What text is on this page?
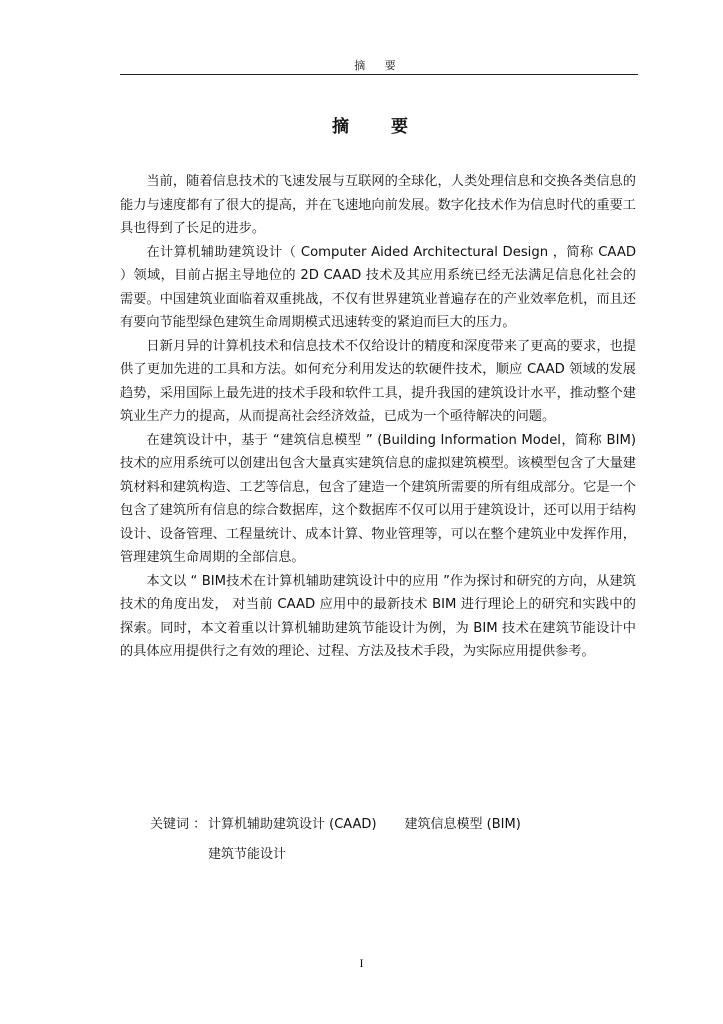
摘 要
摘 要

当前，随着信息技术的飞速发展与互联网的全球化，人类处理信息和交换各类信息的能力与速度都有了很大的提高，并在飞速地向前发展。数字化技术作为信息时代的重要工具也得到了长足的进步。

在计算机辅助建筑设计（ Computer Aided Architectural Design ，简称 CAAD ）领域，目前占据主导地位的 2D CAAD 技术及其应用系统已经无法满足信息化社会的需要。中国建筑业面临着双重挑战，不仅有世界建筑业普遍存在的产业效率危机，而且还有要向节能型绿色建筑生命周期模式迅速转变的紧迫而巨大的压力。

日新月异的计算机技术和信息技术不仅给设计的精度和深度带来了更高的要求，也提供了更加先进的工具和方法。如何充分利用发达的软硬件技术，顺应 CAAD 领域的发展趋势，采用国际上最先进的技术手段和软件工具，提升我国的建筑设计水平，推动整个建筑业生产力的提高，从而提高社会经济效益，已成为一个亟待解决的问题。

在建筑设计中，基于 “建筑信息模型 ” (Building Information Model，简称 BIM)技术的应用系统可以创建出包含大量真实建筑信息的虚拟建筑模型。该模型包含了大量建筑材料和建筑构造、工艺等信息，包含了建造一个建筑所需要的所有组成部分。它是一个包含了建筑所有信息的综合数据库，这个数据库不仅可以用于建筑设计，还可以用于结构设计、设备管理、工程量统计、成本计算、物业管理等，可以在整个建筑业中发挥作用，管理建筑生命周期的全部信息。

本文以 “ BIM技术在计算机辅助建筑设计中的应用 ”作为探讨和研究的方向，从建筑技术的角度出发， 对当前 CAAD 应用中的最新技术 BIM 进行理论上的研究和实践中的探索。同时，本文着重以计算机辅助建筑节能设计为例，为 BIM 技术在建筑节能设计中的具体应用提供行之有效的理论、过程、方法及技术手段，为实际应用提供参考。

关键词 ： 计算机辅助建筑设计 (CAAD) 建筑信息模型 (BIM)
建筑节能设计
I
